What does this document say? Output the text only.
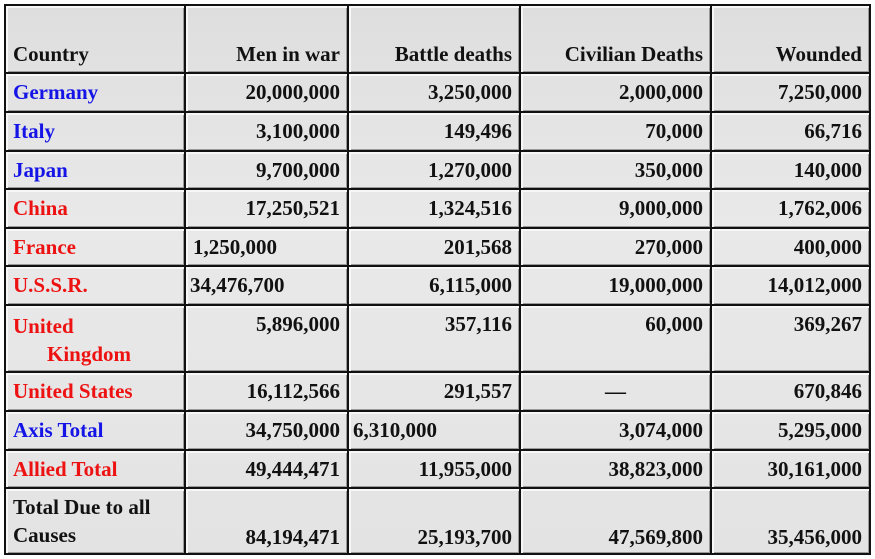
Country	Men in war	Battle deaths	Civilian Deaths	Wounded
Germany	20,000,000	3,250,000	2,000,000	7,250,000
Italy	3,100,000	149,496	70,000	66,716
Japan	9,700,000	1,270,000	350,000	140,000
China	17,250,521	1,324,516	9,000,000	1,762,006
France	1,250,000	201,568	270,000	400,000
U.S.S.R.	34,476,700	6,115,000	19,000,000	14,012,000

United
Kingdom	5,896,000	357,116	60,000	369,267
United States	16,112,566	291,557	—	670,846
Axis Total	34,750,000	6,310,000	3,074,000	5,295,000
Allied Total	49,444,471	11,955,000	38,823,000	30,161,000

Total Due to all
Causes	84,194,471	25,193,700	47,569,800	35,456,000
